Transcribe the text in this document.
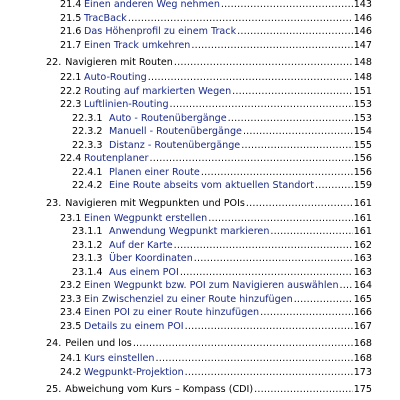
21.4 Einen anderen Weg nehmen .....	143
21.5 TracBack .....	146
21.6 Das Höhenprofil zu einem Track .....	146
21.7 Einen Track umkehren .....	147
22. Navigieren mit Routen .....	148
22.1 Auto-Routing .....	148
22.2 Routing auf markierten Wegen .....	151
22.3 Luftlinien-Routing .....	153
22.3.1 Auto - Routenübergänge .....	153
22.3.2 Manuell - Routenübergänge .....	154
22.3.3 Distanz - Routenübergänge .....	155
22.4 Routenplaner .....	156
22.4.1 Planen einer Route .....	156
22.4.2 Eine Route abseits vom aktuellen Standort .....	159
23. Navigieren mit Wegpunkten und POIs .....	161
23.1 Einen Wegpunkt erstellen .....	161
23.1.1 Anwendung Wegpunkt markieren .....	161
23.1.2 Auf der Karte .....	162
23.1.3 Über Koordinaten .....	163
23.1.4 Aus einem POI .....	163
23.2 Einen Wegpunkt bzw. POI zum Navigieren auswählen ..... 164
23.3 Ein Zwischenziel zu einer Route hinzufügen .....	165
23.4 Einen POI zu einer Route hinzufügen .....	166
23.5 Details zu einem POI .....	167
24. Peilen und los .....	168
24.1 Kurs einstellen .....	168
24.2 Wegpunkt-Projektion .....	173
25. Abweichung vom Kurs – Kompass (CDI) .....	175
